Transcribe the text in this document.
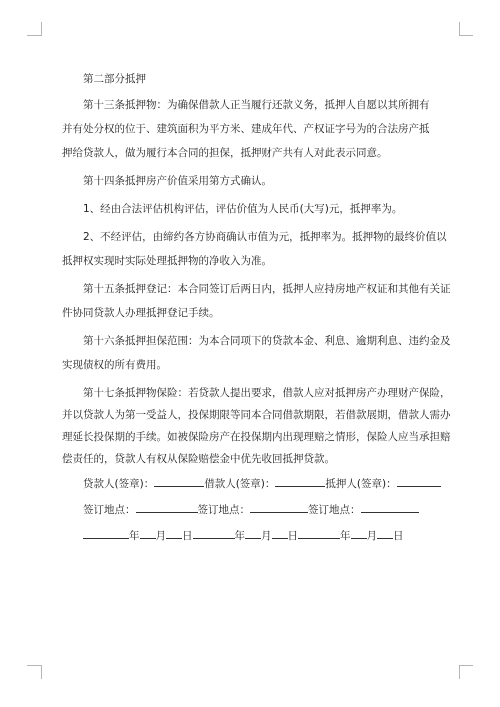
第二部分抵押

第十三条抵押物：为确保借款人正当履行还款义务，抵押人自愿以其所拥有

并有处分权的位于、建筑面积为平方米、建成年代、产权证字号为的合法房产抵

押给贷款人，做为履行本合同的担保，抵押财产共有人对此表示同意。

第十四条抵押房产价值采用第方式确认。

1、经由合法评估机构评估，评估价值为人民币(大写)元，抵押率为。

2、不经评估，由缔约各方协商确认市值为元，抵押率为。抵押物的最终价值以

抵押权实现时实际处理抵押物的净收入为准。

第十五条抵押登记：本合同签订后两日内，抵押人应持房地产权证和其他有关证

件协同贷款人办理抵押登记手续。

第十六条抵押担保范围：为本合同项下的贷款本金、利息、逾期利息、违约金及

实现债权的所有费用。

第十七条抵押物保险：若贷款人提出要求，借款人应对抵押房产办理财产保险，

并以贷款人为第一受益人，投保期限等同本合同借款期限，若借款展期，借款人需办

理延长投保期的手续。如被保险房产在投保期内出现理赔之情形，保险人应当承担赔

偿责任的，贷款人有权从保险赔偿金中优先收回抵押贷款。

贷款人(签章)：	借款人(签章)：	抵押人(签章)：

签订地点：	签订地点：	签订地点：

年 月 日	年 月 日	年 月 日
